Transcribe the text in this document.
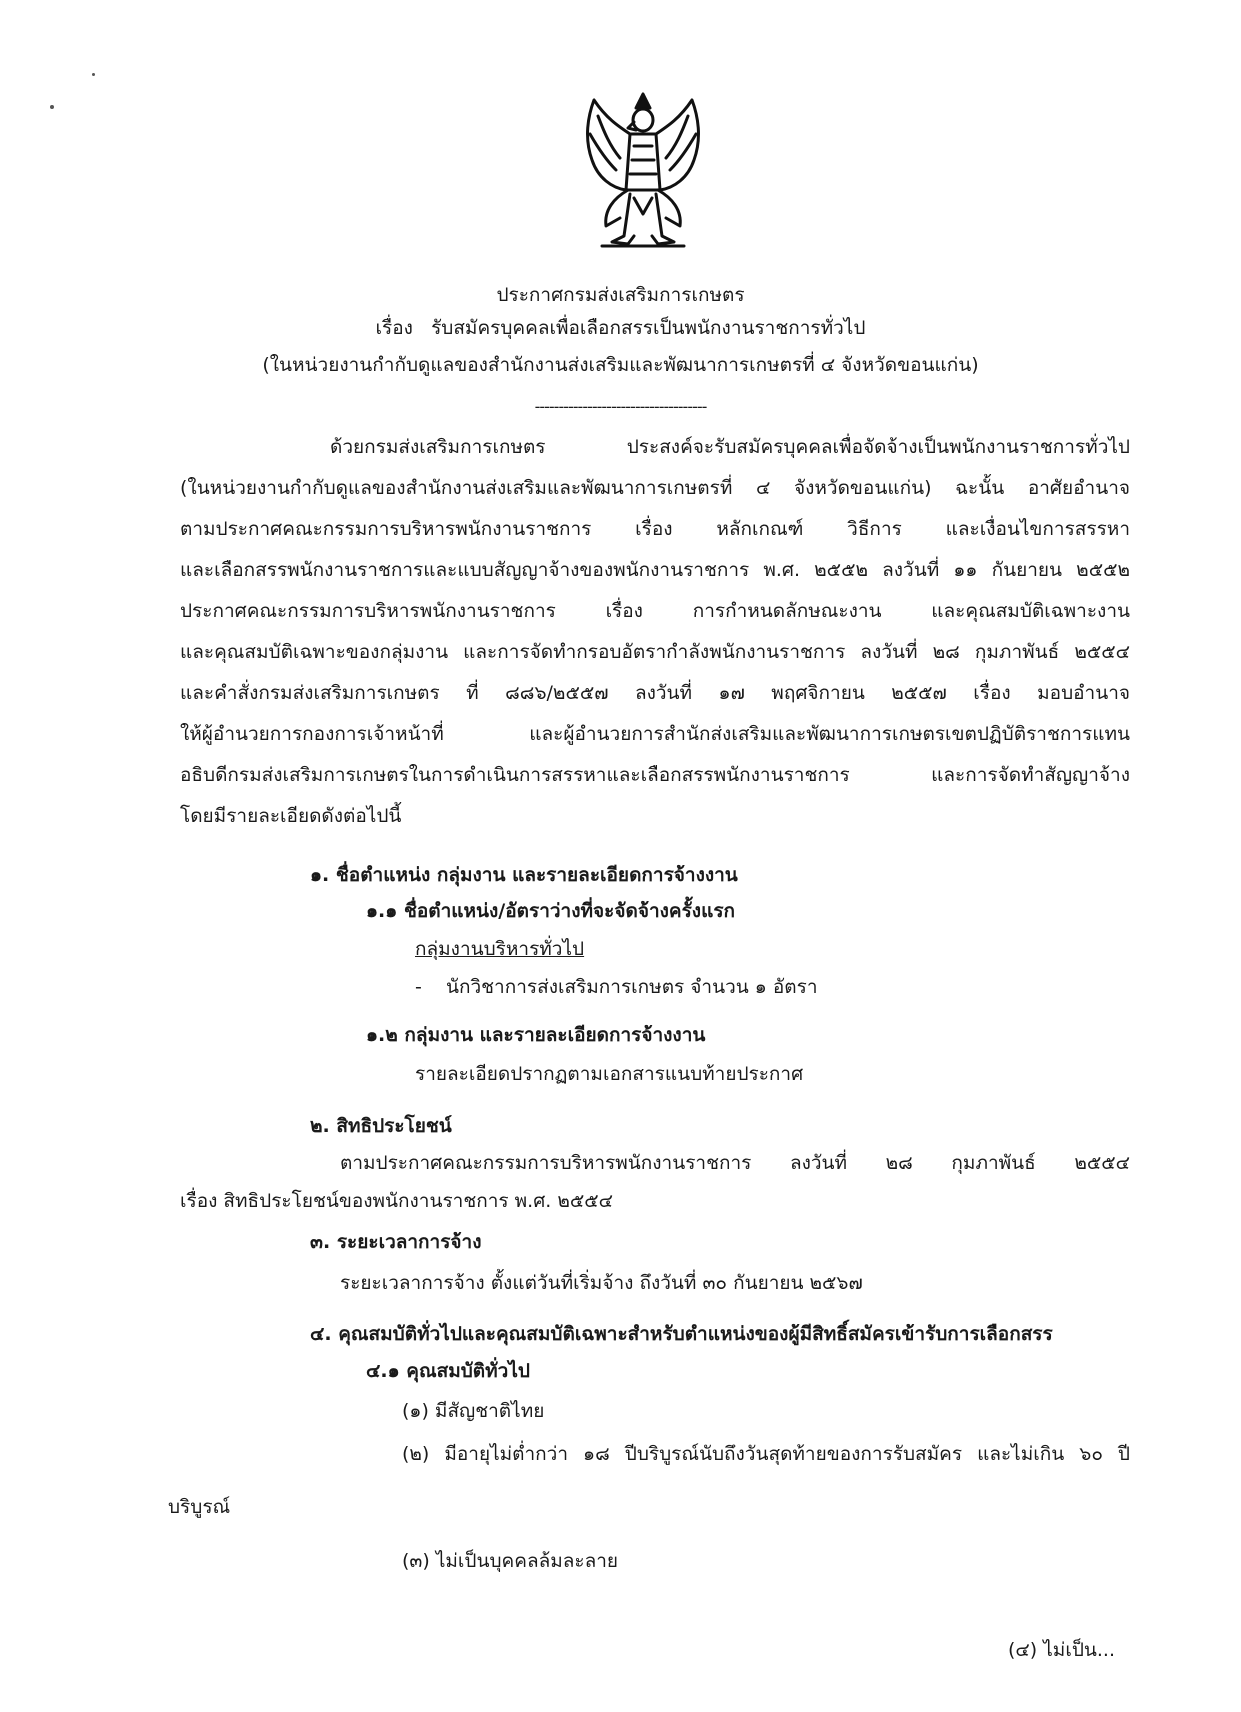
ประกาศกรมส่งเสริมการเกษตร
เรื่อง รับสมัครบุคคลเพื่อเลือกสรรเป็นพนักงานราชการทั่วไป
(ในหน่วยงานกำกับดูแลของสำนักงานส่งเสริมและพัฒนาการเกษตรที่ ๔ จังหวัดขอนแก่น)
------------------------------------
ด้วยกรมส่งเสริมการเกษตร ประสงค์จะรับสมัครบุคคลเพื่อจัดจ้างเป็นพนักงานราชการทั่วไป
(ในหน่วยงานกำกับดูแลของสำนักงานส่งเสริมและพัฒนาการเกษตรที่ ๔ จังหวัดขอนแก่น) ฉะนั้น อาศัยอำนาจ
ตามประกาศคณะกรรมการบริหารพนักงานราชการ เรื่อง หลักเกณฑ์ วิธีการ และเงื่อนไขการสรรหา
และเลือกสรรพนักงานราชการและแบบสัญญาจ้างของพนักงานราชการ พ.ศ. ๒๕๕๒ ลงวันที่ ๑๑ กันยายน ๒๕๕๒
ประกาศคณะกรรมการบริหารพนักงานราชการ เรื่อง การกำหนดลักษณะงาน และคุณสมบัติเฉพาะงาน
และคุณสมบัติเฉพาะของกลุ่มงาน และการจัดทำกรอบอัตรากำลังพนักงานราชการ ลงวันที่ ๒๘ กุมภาพันธ์ ๒๕๕๔
และคำสั่งกรมส่งเสริมการเกษตร ที่ ๘๘๖/๒๕๕๗ ลงวันที่ ๑๗ พฤศจิกายน ๒๕๕๗ เรื่อง มอบอำนาจ
ให้ผู้อำนวยการกองการเจ้าหน้าที่ และผู้อำนวยการสำนักส่งเสริมและพัฒนาการเกษตรเขตปฏิบัติราชการแทน
อธิบดีกรมส่งเสริมการเกษตรในการดำเนินการสรรหาและเลือกสรรพนักงานราชการ และการจัดทำสัญญาจ้าง
โดยมีรายละเอียดดังต่อไปนี้
๑. ชื่อตำแหน่ง กลุ่มงาน และรายละเอียดการจ้างงาน
๑.๑ ชื่อตำแหน่ง/อัตราว่างที่จะจัดจ้างครั้งแรก
กลุ่มงานบริหารทั่วไป
- นักวิชาการส่งเสริมการเกษตร จำนวน ๑ อัตรา
๑.๒ กลุ่มงาน และรายละเอียดการจ้างงาน
รายละเอียดปรากฏตามเอกสารแนบท้ายประกาศ
๒. สิทธิประโยชน์
ตามประกาศคณะกรรมการบริหารพนักงานราชการ ลงวันที่ ๒๘ กุมภาพันธ์ ๒๕๕๔
เรื่อง สิทธิประโยชน์ของพนักงานราชการ พ.ศ. ๒๕๕๔
๓. ระยะเวลาการจ้าง
ระยะเวลาการจ้าง ตั้งแต่วันที่เริ่มจ้าง ถึงวันที่ ๓๐ กันยายน ๒๕๖๗
๔. คุณสมบัติทั่วไปและคุณสมบัติเฉพาะสำหรับตำแหน่งของผู้มีสิทธิ์สมัครเข้ารับการเลือกสรร
๔.๑ คุณสมบัติทั่วไป
(๑) มีสัญชาติไทย
(๒) มีอายุไม่ต่ำกว่า ๑๘ ปีบริบูรณ์นับถึงวันสุดท้ายของการรับสมัคร และไม่เกิน ๖๐ ปี
บริบูรณ์
(๓) ไม่เป็นบุคคลล้มละลาย
(๔) ไม่เป็น...
